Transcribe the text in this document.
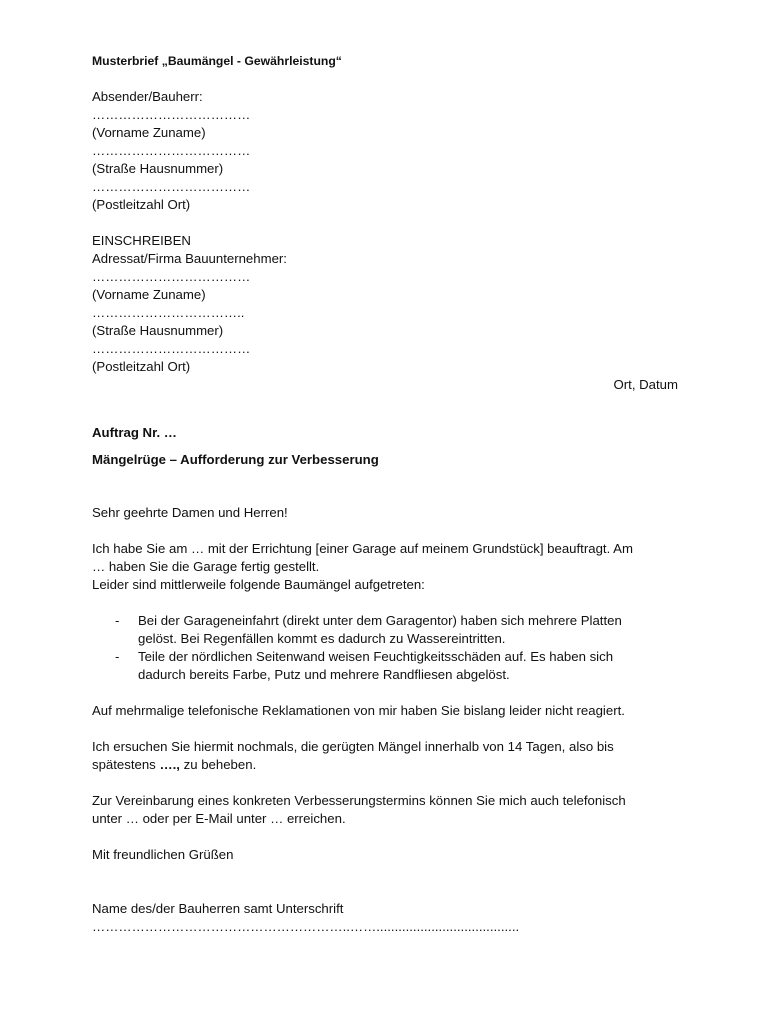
Musterbrief „Baumängel - Gewährleistung“
Absender/Bauherr:
………………………………
(Vorname Zuname)
………………………………
(Straße Hausnummer)
………………………………
(Postleitzahl Ort)
EINSCHREIBEN
Adressat/Firma Bauunternehmer:
………………………………
(Vorname Zuname)
……………………………..
(Straße Hausnummer)
………………………………
(Postleitzahl Ort)
Ort, Datum
Auftrag Nr. …
Mängelrüge – Aufforderung zur Verbesserung
Sehr geehrte Damen und Herren!
Ich habe Sie am … mit der Errichtung [einer Garage auf meinem Grundstück] beauftragt. Am
… haben Sie die Garage fertig gestellt.
Leider sind mittlerweile folgende Baumängel aufgetreten:
- Bei der Garageneinfahrt (direkt unter dem Garagentor) haben sich mehrere Platten
gelöst. Bei Regenfällen kommt es dadurch zu Wassereintritten.
- Teile der nördlichen Seitenwand weisen Feuchtigkeitsschäden auf. Es haben sich
dadurch bereits Farbe, Putz und mehrere Randfliesen abgelöst.
Auf mehrmalige telefonische Reklamationen von mir haben Sie bislang leider nicht reagiert.
Ich ersuchen Sie hiermit nochmals, die gerügten Mängel innerhalb von 14 Tagen, also bis
spätestens …., zu beheben.
Zur Vereinbarung eines konkreten Verbesserungstermins können Sie mich auch telefonisch
unter … oder per E-Mail unter … erreichen.
Mit freundlichen Grüßen
Name des/der Bauherren samt Unterschrift
…………………………………………………..…….......................................
